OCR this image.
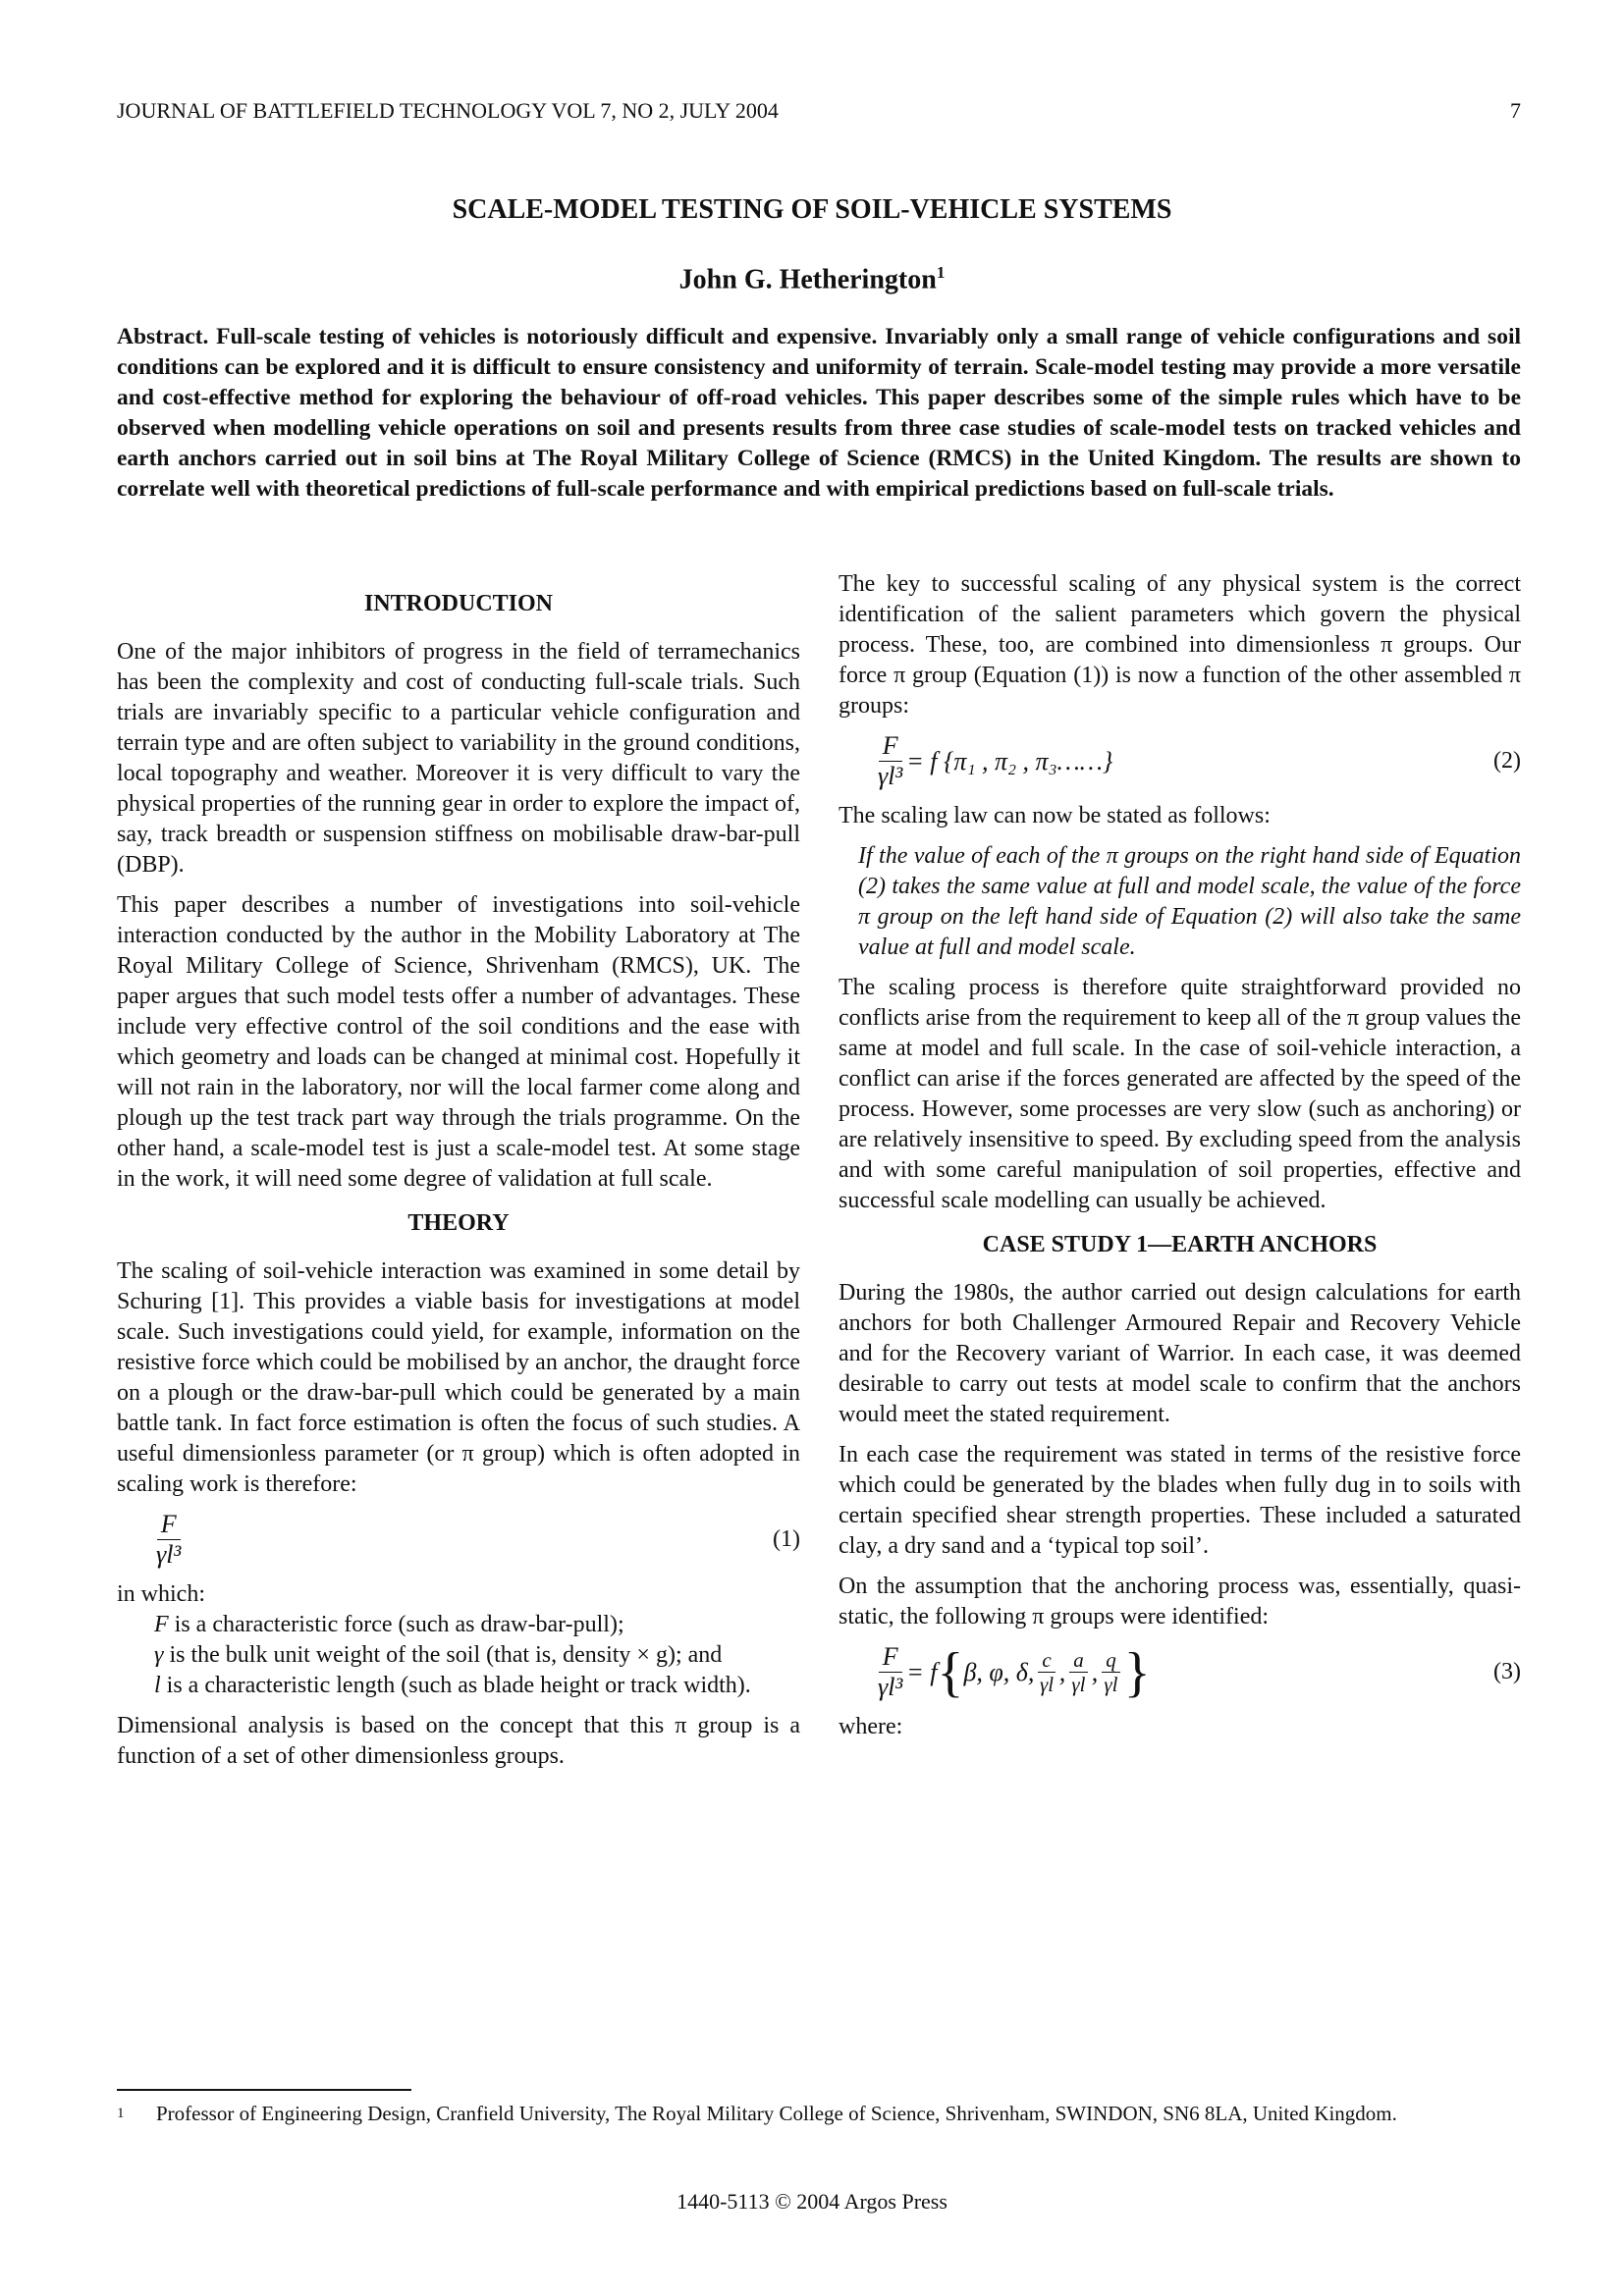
JOURNAL OF BATTLEFIELD TECHNOLOGY VOL 7, NO 2, JULY 2004	7
SCALE-MODEL TESTING OF SOIL-VEHICLE SYSTEMS
John G. Hetherington$^1$
Abstract. Full-scale testing of vehicles is notoriously difficult and expensive. Invariably only a small range of vehicle configurations and soil conditions can be explored and it is difficult to ensure consistency and uniformity of terrain. Scale-model testing may provide a more versatile and cost-effective method for exploring the behaviour of off-road vehicles. This paper describes some of the simple rules which have to be observed when modelling vehicle operations on soil and presents results from three case studies of scale-model tests on tracked vehicles and earth anchors carried out in soil bins at The Royal Military College of Science (RMCS) in the United Kingdom. The results are shown to correlate well with theoretical predictions of full-scale performance and with empirical predictions based on full-scale trials.
INTRODUCTION

One of the major inhibitors of progress in the field of terramechanics has been the complexity and cost of conducting full-scale trials. Such trials are invariably specific to a particular vehicle configuration and terrain type and are often subject to variability in the ground conditions, local topography and weather. Moreover it is very difficult to vary the physical properties of the running gear in order to explore the impact of, say, track breadth or suspension stiffness on mobilisable draw-bar-pull (DBP).

This paper describes a number of investigations into soil-vehicle interaction conducted by the author in the Mobility Laboratory at The Royal Military College of Science, Shrivenham (RMCS), UK. The paper argues that such model tests offer a number of advantages. These include very effective control of the soil conditions and the ease with which geometry and loads can be changed at minimal cost. Hopefully it will not rain in the laboratory, nor will the local farmer come along and plough up the test track part way through the trials programme. On the other hand, a scale-model test is just a scale-model test. At some stage in the work, it will need some degree of validation at full scale.

THEORY

The scaling of soil-vehicle interaction was examined in some detail by Schuring [1]. This provides a viable basis for investigations at model scale. Such investigations could yield, for example, information on the resistive force which could be mobilised by an anchor, the draught force on a plough or the draw-bar-pull which could be generated by a main battle tank. In fact force estimation is often the focus of such studies. A useful dimensionless parameter (or π group) which is often adopted in scaling work is therefore:

$\frac{F}{\text{γl³}}$	(1)
in which:
F is a characteristic force (such as draw-bar-pull);
γ is the bulk unit weight of the soil (that is, density × g); and
l is a characteristic length (such as blade height or track width).

Dimensional analysis is based on the concept that this π group is a function of a set of other dimensionless groups.

The key to successful scaling of any physical system is the correct identification of the salient parameters which govern the physical process. These, too, are combined into dimensionless π groups. Our force π group (Equation (1)) is now a function of the other assembled π groups:

$\frac{F}{\text{γl³}} = f$ {π₁ , π₂ , π₃……}	(2)

The scaling law can now be stated as follows:

If the value of each of the π groups on the right hand side of Equation (2) takes the same value at full and model scale, the value of the force π group on the left hand side of Equation (2) will also take the same value at full and model scale.

The scaling process is therefore quite straightforward provided no conflicts arise from the requirement to keep all of the π group values the same at model and full scale. In the case of soil-vehicle interaction, a conflict can arise if the forces generated are affected by the speed of the process. However, some processes are very slow (such as anchoring) or are relatively insensitive to speed. By excluding speed from the analysis and with some careful manipulation of soil properties, effective and successful scale modelling can usually be achieved.

CASE STUDY 1—EARTH ANCHORS

During the 1980s, the author carried out design calculations for earth anchors for both Challenger Armoured Repair and Recovery Vehicle and for the Recovery variant of Warrior. In each case, it was deemed desirable to carry out tests at model scale to confirm that the anchors would meet the stated requirement.

In each case the requirement was stated in terms of the resistive force which could be generated by the blades when fully dug in to soils with certain specified shear strength properties. These included a saturated clay, a dry sand and a ‘typical top soil’.

On the assumption that the anchoring process was, essentially, quasi-static, the following π groups were identified:

$\frac{F}{\text{γl³}} = f$ { β, φ, δ, $\frac{c}{\gamma l}$ , $\frac{a}{\gamma l}$ , $\frac{q}{\gamma l}$ }	(3)
where:
1	Professor of Engineering Design, Cranfield University, The Royal Military College of Science, Shrivenham, SWINDON, SN6 8LA, United Kingdom.
1440-5113 © 2004 Argos Press
